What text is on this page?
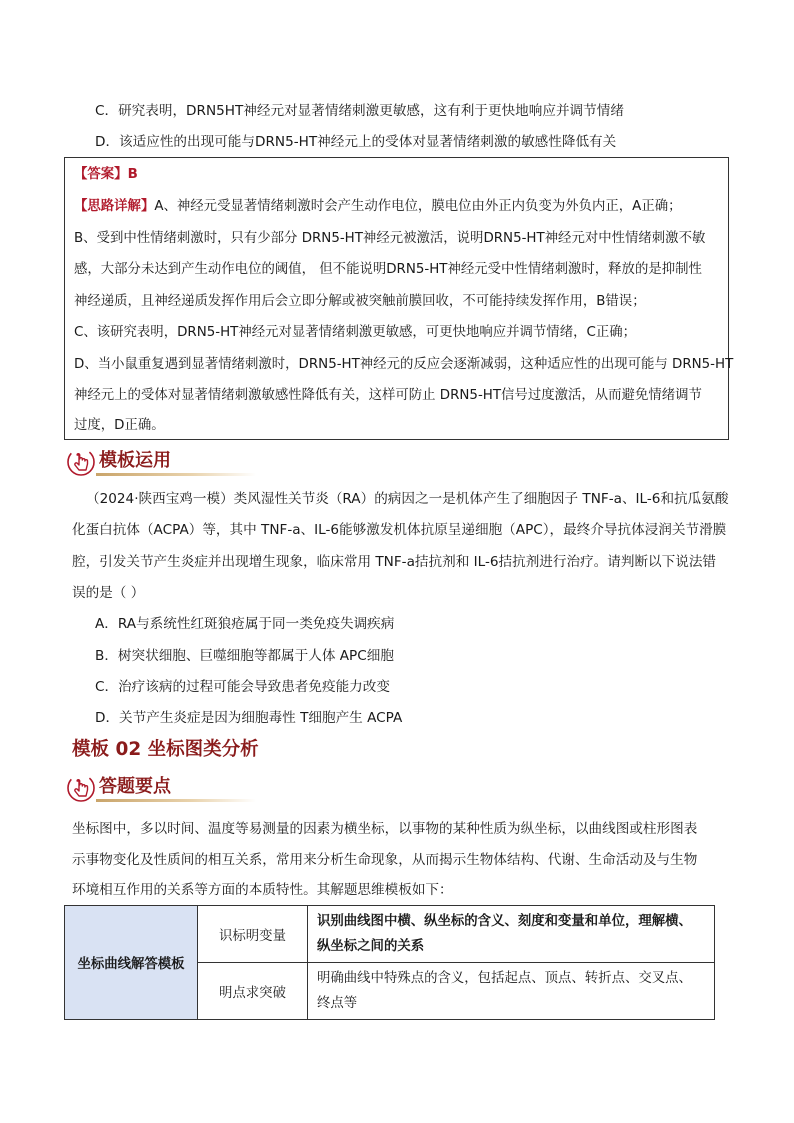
C．研究表明，DRN5HT神经元对显著情绪刺激更敏感，这有利于更快地响应并调节情绪
D．该适应性的出现可能与DRN5-HT神经元上的受体对显著情绪刺激的敏感性降低有关
【答案】B
【思路详解】A、神经元受显著情绪刺激时会产生动作电位，膜电位由外正内负变为外负内正，A正确；
B、受到中性情绪刺激时，只有少部分 DRN5-HT神经元被激活，说明DRN5-HT神经元对中性情绪刺激不敏
感，大部分未达到产生动作电位的阈值， 但不能说明DRN5-HT神经元受中性情绪刺激时，释放的是抑制性
神经递质，且神经递质发挥作用后会立即分解或被突触前膜回收，不可能持续发挥作用，B错误；
C、该研究表明，DRN5-HT神经元对显著情绪刺激更敏感，可更快地响应并调节情绪，C正确；
D、当小鼠重复遇到显著情绪刺激时，DRN5-HT神经元的反应会逐渐减弱，这种适应性的出现可能与 DRN5-HT
神经元上的受体对显著情绪刺激敏感性降低有关，这样可防止 DRN5-HT信号过度激活，从而避免情绪调节
过度，D正确。
模板运用
（2024·陕西宝鸡一模）类风湿性关节炎（RA）的病因之一是机体产生了细胞因子 TNF-a、IL-6和抗瓜氨酸
化蛋白抗体（ACPA）等，其中 TNF-a、IL-6能够激发机体抗原呈递细胞（APC），最终介导抗体浸润关节滑膜
腔，引发关节产生炎症并出现增生现象，临床常用 TNF-a拮抗剂和 IL-6拮抗剂进行治疗。请判断以下说法错
误的是（ ）
A．RA与系统性红斑狼疮属于同一类免疫失调疾病
B．树突状细胞、巨噬细胞等都属于人体 APC细胞
C．治疗该病的过程可能会导致患者免疫能力改变
D．关节产生炎症是因为细胞毒性 T细胞产生 ACPA
模板 02 坐标图类分析
答题要点
坐标图中，多以时间、温度等易测量的因素为横坐标，以事物的某种性质为纵坐标，以曲线图或柱形图表
示事物变化及性质间的相互关系，常用来分析生命现象，从而揭示生物体结构、代谢、生命活动及与生物
环境相互作用的关系等方面的本质特性。其解题思维模板如下：
坐标曲线解答模板	识标明变量	识别曲线图中横、纵坐标的含义、刻度和变量和单位，理解横、纵坐标之间的关系
	明点求突破	明确曲线中特殊点的含义，包括起点、顶点、转折点、交叉点、终点等
